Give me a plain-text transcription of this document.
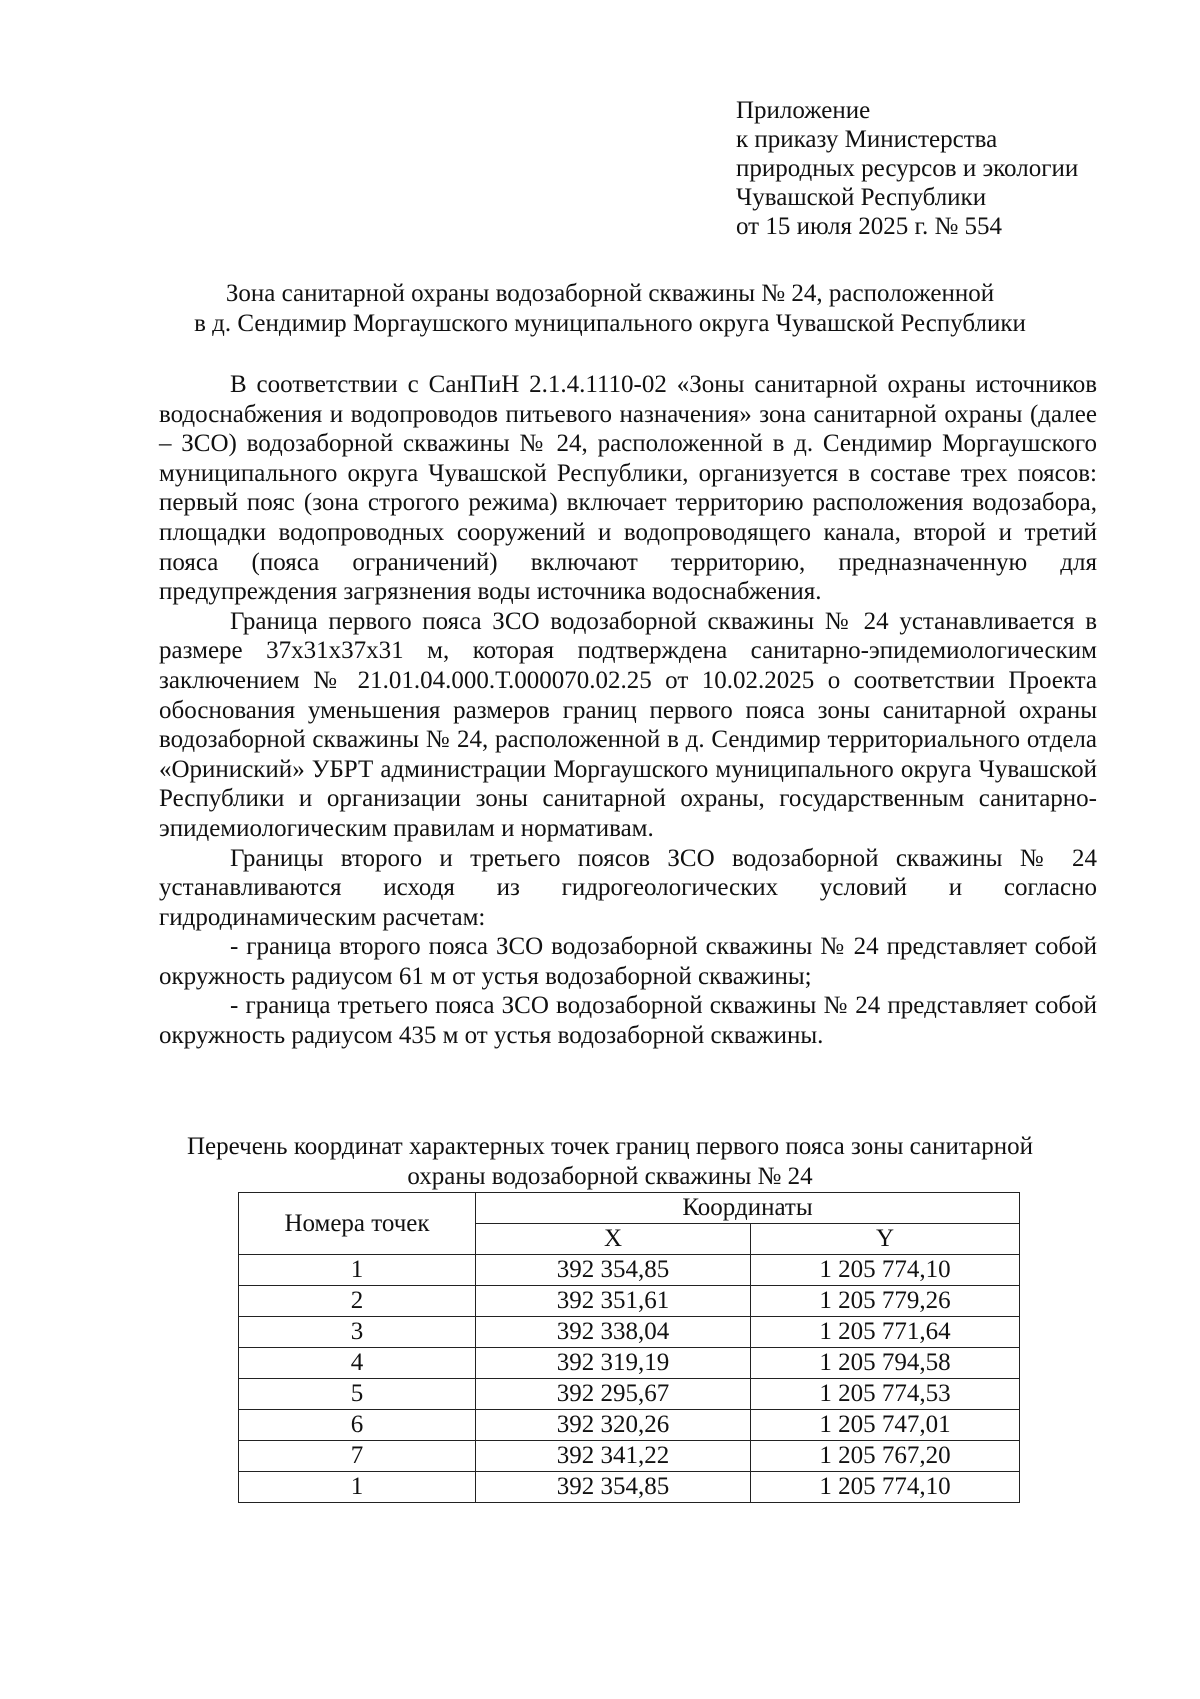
Приложение
к приказу Министерства
природных ресурсов и экологии
Чувашской Республики
от 15 июля 2025 г. № 554
Зона санитарной охраны водозаборной скважины № 24, расположенной
в д. Сендимир Моргаушского муниципального округа Чувашской Республики

В соответствии с СанПиН 2.1.4.1110-02 «Зоны санитарной охраны источников водоснабжения и водопроводов питьевого назначения» зона санитарной охраны (далее – ЗСО) водозаборной скважины № 24, расположенной в д. Сендимир Моргаушского муниципального округа Чувашской Республики, организуется в составе трех поясов: первый пояс (зона строгого режима) включает территорию расположения водозабора, площадки водопроводных сооружений и водопроводящего канала, второй и третий пояса (пояса ограничений) включают территорию, предназначенную для предупреждения загрязнения воды источника водоснабжения.

Граница первого пояса ЗСО водозаборной скважины № 24 устанавливается в размере 37х31х37х31 м, которая подтверждена санитарно-эпидемиологическим заключением № 21.01.04.000.Т.000070.02.25 от 10.02.2025 о соответствии Проекта обоснования уменьшения размеров границ первого пояса зоны санитарной охраны водозаборной скважины № 24, расположенной в д. Сендимир территориального отдела «Ориниский» УБРТ администрации Моргаушского муниципального округа Чувашской Республики и организации зоны санитарной охраны, государственным санитарно-эпидемиологическим правилам и нормативам.

Границы второго и третьего поясов ЗСО водозаборной скважины № 24 устанавливаются исходя из гидрогеологических условий и согласно гидродинамическим расчетам:

- граница второго пояса ЗСО водозаборной скважины № 24 представляет собой окружность радиусом 61 м от устья водозаборной скважины;

- граница третьего пояса ЗСО водозаборной скважины № 24 представляет собой окружность радиусом 435 м от устья водозаборной скважины.

Перечень координат характерных точек границ первого пояса зоны санитарной
охраны водозаборной скважины № 24
Номера точек	Координаты	
	X	Y
1	392 354,85	1 205 774,10
2	392 351,61	1 205 779,26
3	392 338,04	1 205 771,64
4	392 319,19	1 205 794,58
5	392 295,67	1 205 774,53
6	392 320,26	1 205 747,01
7	392 341,22	1 205 767,20
1	392 354,85	1 205 774,10
